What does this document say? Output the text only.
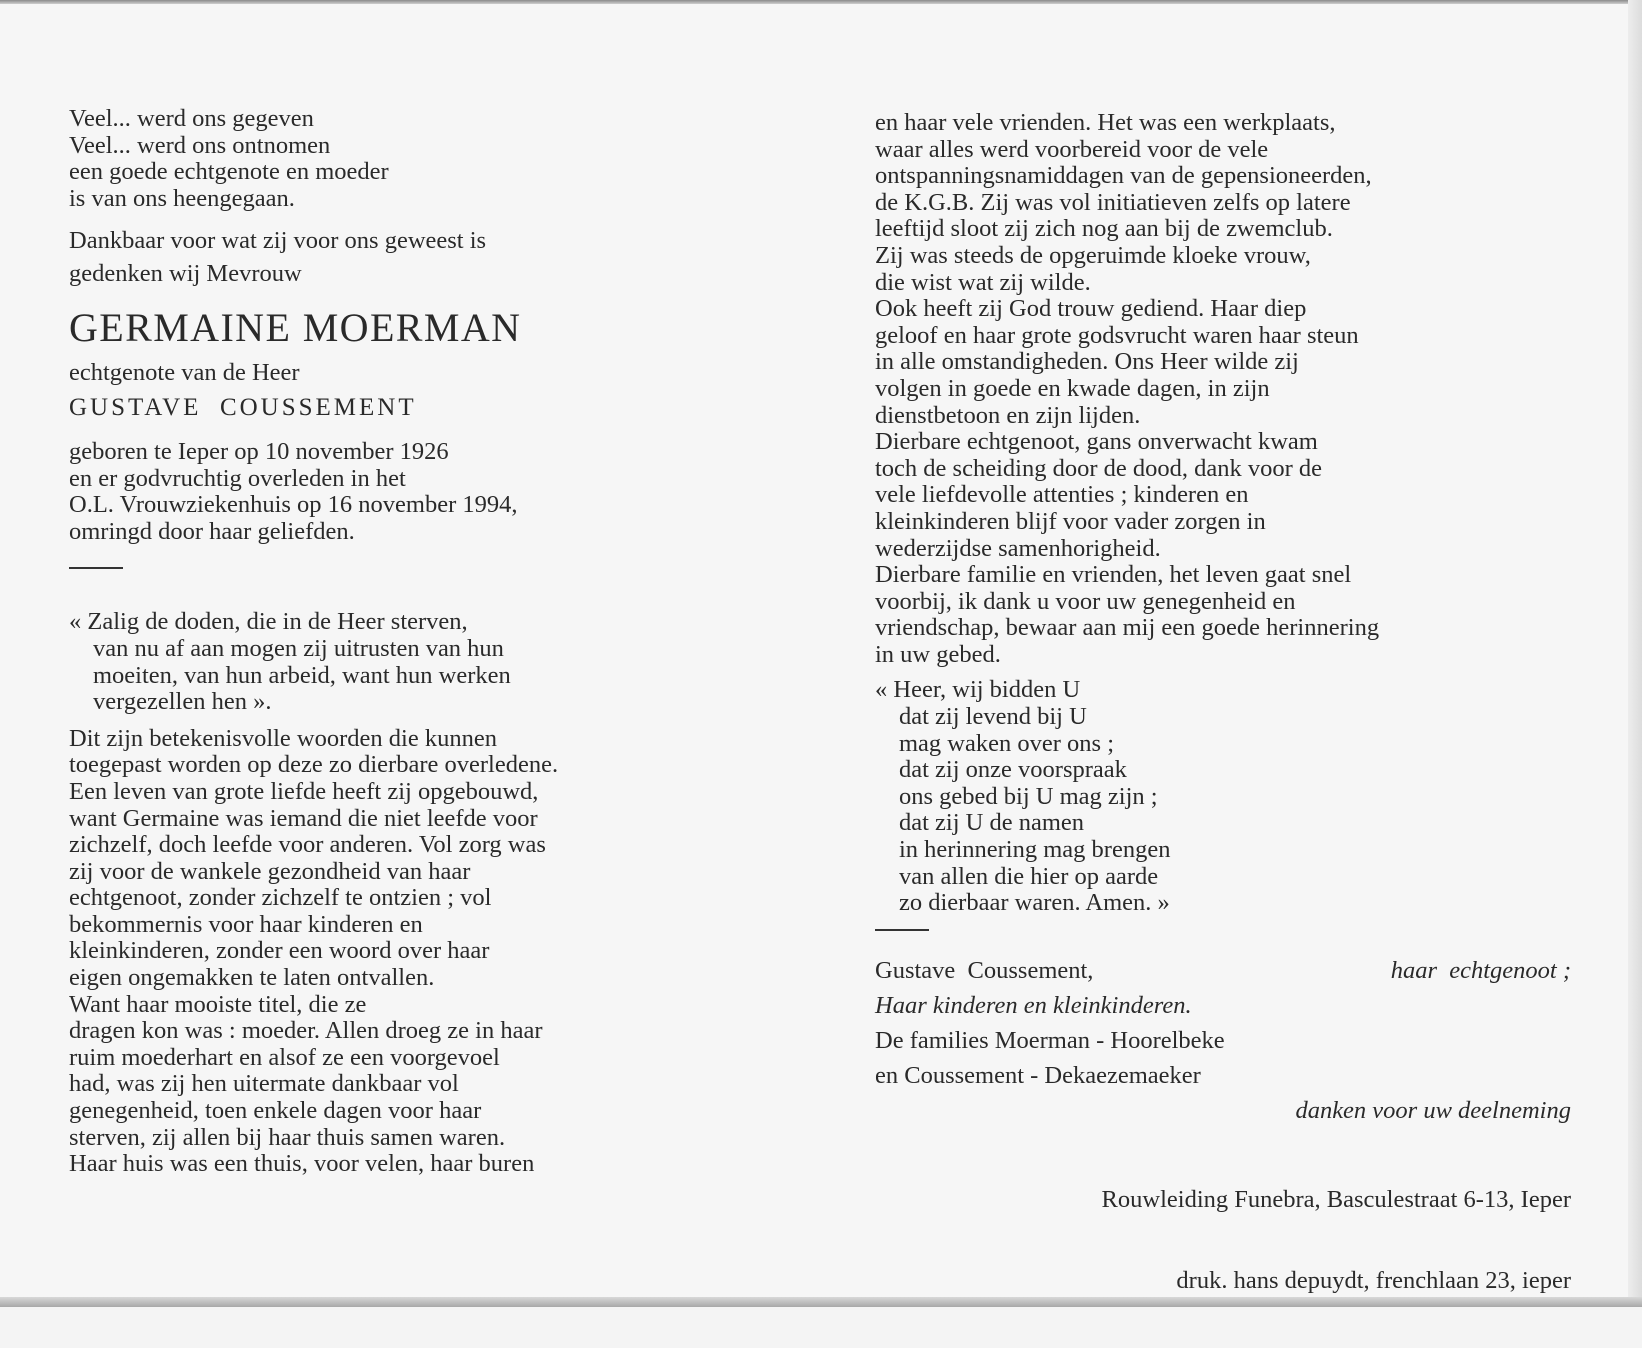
Veel... werd ons gegeven
Veel... werd ons ontnomen
een goede echtgenote en moeder
is van ons heengegaan.
Dankbaar voor wat zij voor ons geweest is
gedenken wij Mevrouw
GERMAINE MOERMAN
echtgenote van de Heer
GUSTAVE  COUSSEMENT
geboren te Ieper op 10 november 1926
en er godvruchtig overleden in het
O.L. Vrouwziekenhuis op 16 november 1994,
omringd door haar geliefden.
« Zalig de doden, die in de Heer sterven,
van nu af aan mogen zij uitrusten van hun
moeiten, van hun arbeid, want hun werken
vergezellen hen ».
Dit zijn betekenisvolle woorden die kunnen
toegepast worden op deze zo dierbare overledene.
Een leven van grote liefde heeft zij opgebouwd,
want Germaine was iemand die niet leefde voor
zichzelf, doch leefde voor anderen. Vol zorg was
zij voor de wankele gezondheid van haar
echtgenoot, zonder zichzelf te ontzien ; vol
bekommernis voor haar kinderen en
kleinkinderen, zonder een woord over haar
eigen ongemakken te laten ontvallen.
Want haar mooiste titel, die ze
dragen kon was : moeder. Allen droeg ze in haar
ruim moederhart en alsof ze een voorgevoel
had, was zij hen uitermate dankbaar vol
genegenheid, toen enkele dagen voor haar
sterven, zij allen bij haar thuis samen waren.
Haar huis was een thuis, voor velen, haar buren
en haar vele vrienden. Het was een werkplaats,
waar alles werd voorbereid voor de vele
ontspanningsnamiddagen van de gepensioneerden,
de K.G.B. Zij was vol initiatieven zelfs op latere
leeftijd sloot zij zich nog aan bij de zwemclub.
Zij was steeds de opgeruimde kloeke vrouw,
die wist wat zij wilde.
Ook heeft zij God trouw gediend. Haar diep
geloof en haar grote godsvrucht waren haar steun
in alle omstandigheden. Ons Heer wilde zij
volgen in goede en kwade dagen, in zijn
dienstbetoon en zijn lijden.
Dierbare echtgenoot, gans onverwacht kwam
toch de scheiding door de dood, dank voor de
vele liefdevolle attenties ; kinderen en
kleinkinderen blijf voor vader zorgen in
wederzijdse samenhorigheid.
Dierbare familie en vrienden, het leven gaat snel
voorbij, ik dank u voor uw genegenheid en
vriendschap, bewaar aan mij een goede herinnering
in uw gebed.
« Heer, wij bidden U
dat zij levend bij U
mag waken over ons ;
dat zij onze voorspraak
ons gebed bij U mag zijn ;
dat zij U de namen
in herinnering mag brengen
van allen die hier op aarde
zo dierbaar waren. Amen. »
Gustave  Coussement,	haar  echtgenoot ;
Haar kinderen en kleinkinderen.
De families Moerman - Hoorelbeke
en Coussement - Dekaezemaeker
danken voor uw deelneming

Rouwleiding Funebra, Basculestraat 6-13, Ieper

druk. hans depuydt, frenchlaan 23, ieper
